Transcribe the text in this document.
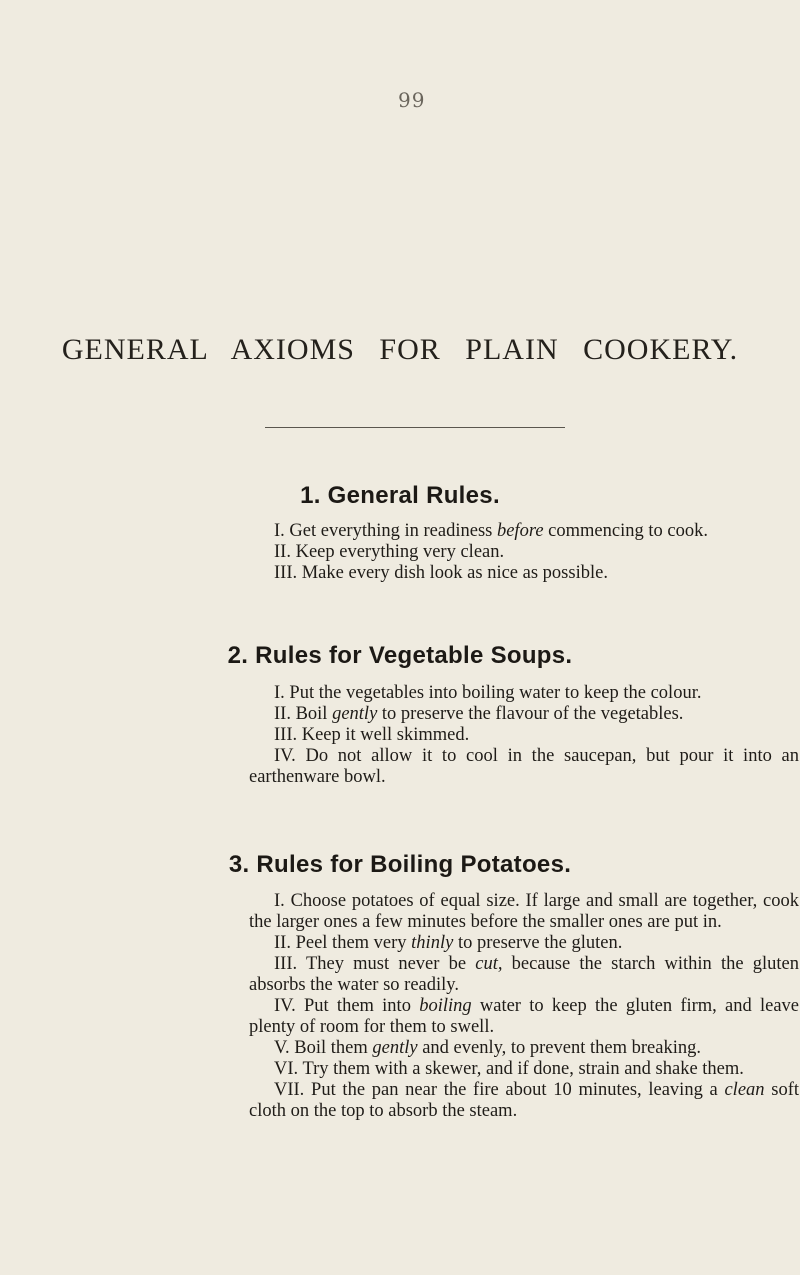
99
GENERAL AXIOMS FOR PLAIN COOKERY.
1. General Rules.
I. Get everything in readiness before commencing to cook.
II. Keep everything very clean.
III. Make every dish look as nice as possible.
2. Rules for Vegetable Soups.
I. Put the vegetables into boiling water to keep the colour.
II. Boil gently to preserve the flavour of the vegetables.
III. Keep it well skimmed.
IV. Do not allow it to cool in the saucepan, but pour it into an earthenware bowl.
3. Rules for Boiling Potatoes.
I. Choose potatoes of equal size. If large and small are together, cook the larger ones a few minutes before the smaller ones are put in.
II. Peel them very thinly to preserve the gluten.
III. They must never be cut, because the starch within the gluten absorbs the water so readily.
IV. Put them into boiling water to keep the gluten firm, and leave plenty of room for them to swell.
V. Boil them gently and evenly, to prevent them breaking.
VI. Try them with a skewer, and if done, strain and shake them.
VII. Put the pan near the fire about 10 minutes, leaving a clean soft cloth on the top to absorb the steam.
